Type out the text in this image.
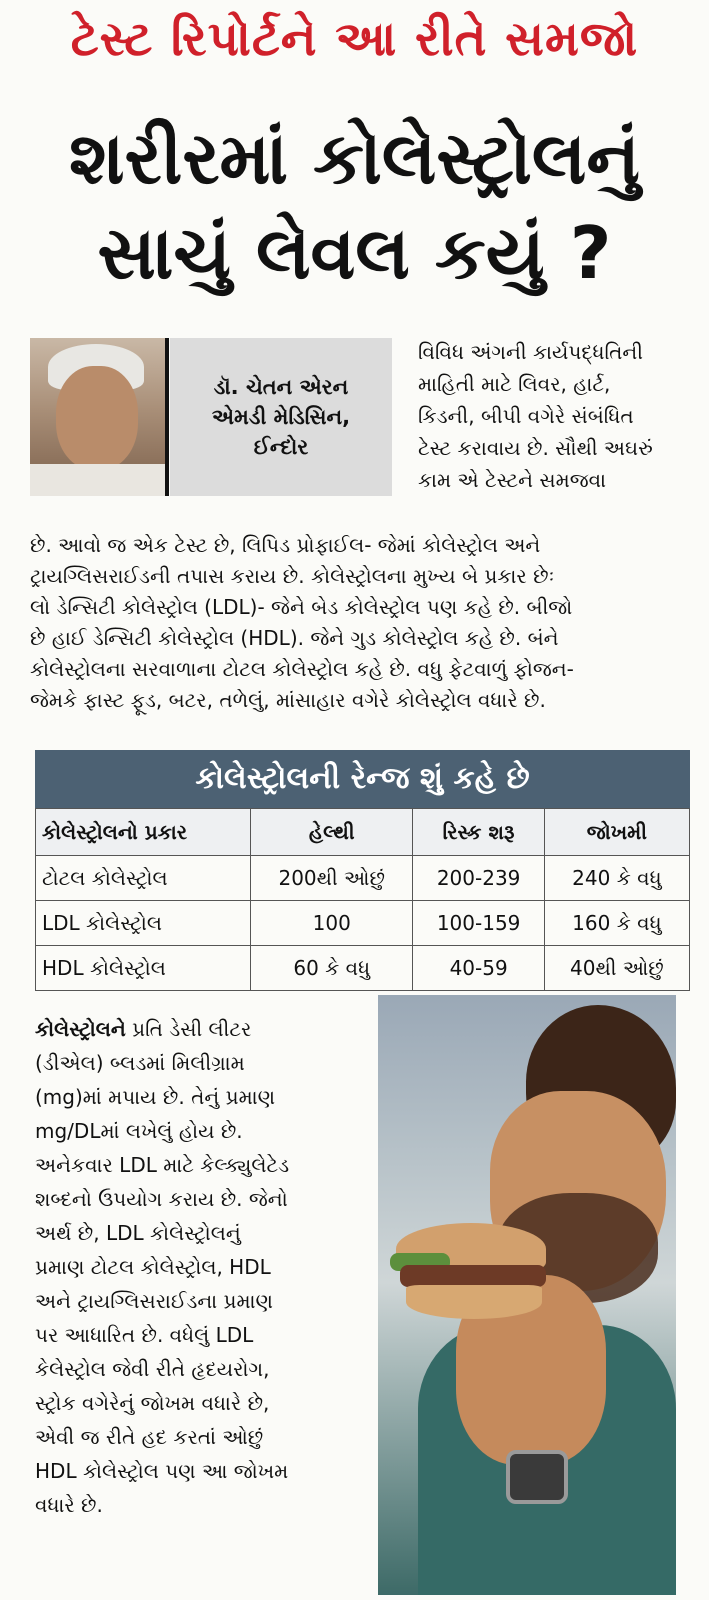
ટેસ્ટ રિપોર્ટને આ રીતે સમજો
શરીરમાં કોલેસ્ટ્રોલનું
સાચું લેવલ કયું ?
ડૉ. ચેતન એરન
એમડી મેડિસિન,
ઈન્દોર
વિવિધ અંગની કાર્યપદ્ધતિની
માહિતી માટે લિવર, હાર્ટ,
કિડની, બીપી વગેરે સંબંધિત
ટેસ્ટ કરાવાય છે. સૌથી અઘરું
કામ એ ટેસ્ટને સમજવા
છે. આવો જ એક ટેસ્ટ છે, લિપિડ પ્રોફાઈલ- જેમાં કોલેસ્ટ્રોલ અને
ટ્રાયગ્લિસરાઈડની તપાસ કરાય છે. કોલેસ્ટ્રોલના મુખ્ય બે પ્રકાર છેઃ
લો ડેન્સિટી કોલેસ્ટ્રોલ (LDL)- જેને બેડ કોલેસ્ટ્રોલ પણ કહે છે. બીજો
છે હાઈ ડેન્સિટી કોલેસ્ટ્રોલ (HDL). જેને ગુડ કોલેસ્ટ્રોલ કહે છે. બંને
કોલેસ્ટ્રોલના સરવાળાના ટોટલ કોલેસ્ટ્રોલ કહે છે. વધુ ફેટવાળું ફોજન-
જેમકે ફાસ્ટ ફૂડ, બટર, તળેલું, માંસાહાર વગેરે કોલેસ્ટ્રોલ વધારે છે.
કોલેસ્ટ્રોલની રેન્જ શું કહે છે
કોલેસ્ટ્રોલનો પ્રકાર	હેલ્થી	રિસ્ક શરૂ	જોખમી
ટોટલ કોલેસ્ટ્રોલ	200થી ઓછું	200-239	240 કે વધુ
LDL કોલેસ્ટ્રોલ	100	100-159	160 કે વધુ
HDL કોલેસ્ટ્રોલ	60 કે વધુ	40-59	40થી ઓછું
કોલેસ્ટ્રોલને પ્રતિ ડેસી લીટર
(ડીએલ) બ્લડમાં મિલીગ્રામ
(mg)માં મપાય છે. તેનું પ્રમાણ
mg/DLમાં લખેલું હોય છે.
અનેકવાર LDL માટે કેલ્ક્યુલેટેડ
શબ્દનો ઉપયોગ કરાય છે. જેનો
અર્થ છે, LDL કોલેસ્ટ્રોલનું
પ્રમાણ ટોટલ કોલેસ્ટ્રોલ, HDL
અને ટ્રાયગ્લિસરાઈડના પ્રમાણ
પર આધારિત છે. વધેલું LDL
કેલેસ્ટ્રોલ જેવી રીતે હૃદયરોગ,
સ્ટ્રોક વગેરેનું જોખમ વધારે છે,
એવી જ રીતે હદ કરતાં ઓછું
HDL કોલેસ્ટ્રોલ પણ આ જોખમ
વધારે છે.
